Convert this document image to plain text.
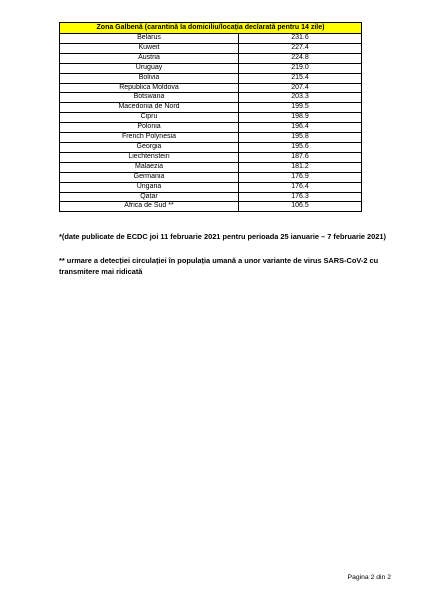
Zona Galbenă (carantină la domiciliu/locația declarată pentru 14 zile)	
Belarus	231.6
Kuweit	227.4
Austria	224.8
Uruguay	219.0
Bolivia	215.4
Republica Moldova	207.4
Botswana	203.3
Macedonia de Nord	199.5
Cipru	198.9
Polonia	196.4
French Polynesia	195.8
Georgia	195.6
Liechtenstein	187.6
Malaezia	181.2
Germania	176.9
Ungaria	176.4
Qatar	176.3
Africa de Sud **	106.5

*(date publicate de ECDC joi 11 februarie 2021 pentru perioada 25 ianuarie – 7 februarie 2021)

** urmare a detecției circulației în populația umană a unor variante de virus SARS-CoV-2 cu transmitere mai ridicată

Pagina 2 din 2
